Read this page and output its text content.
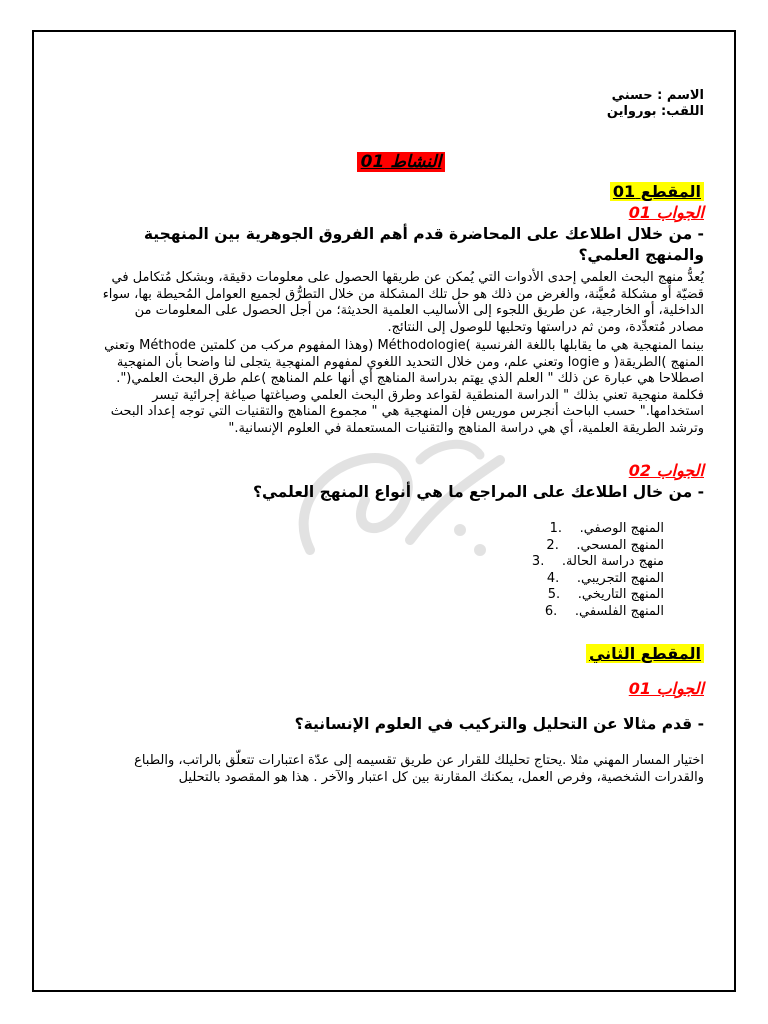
الاسم : حسني

اللقب: بورواين

النشاط 01
المقطع 01
الجواب 01

- من خلال اطلاعك على المحاضرة قدم أهم الفروق الجوهرية بين المنهجية والمنهج العلمي؟

يُعدُّ منهج البحث العلمي إحدى الأدوات التي يُمكن عن طريقها الحصول على معلومات دقيقة، وبشكل مُتكامل في قضيّة أو مشكلة مُعيَّنة، والغرض من ذلك هو حل تلك المشكلة من خلال التطرُّق لجميع العوامل المُحيطة بها، سواء الداخلية، أو الخارجية، عن طريق اللجوء إلى الأساليب العلمية الحديثة؛ من أجل الحصول على المعلومات من مصادر مُتعدِّدة، ومن ثم دراستها وتحليها للوصول إلى النتائج.

بينما المنهجية هي ما يقابلها باللغة الفرنسية )Méthodologie (وهذا المفهوم مركب من كلمتين Méthode وتعني المنهج )الطريقة( و logie وتعني علم، ومن خلال التحديد اللغوي لمفهوم المنهجية يتجلى لنا واضحا بأن المنهجية اصطلاحا هي عبارة عن ذلك " العلم الذي يهتم بدراسة المناهج أي أنها علم المناهج )علم طرق البحث العلمي(". فكلمة منهجية تعني بذلك " الدراسة المنطقية لقواعد وطرق البحث العلمي وصياغتها صياغة إجرائية تيسر استخدامها." حسب الباحث أنجرس موريس فإن المنهجية هي " مجموع المناهج والتقنيات التي توجه إعداد البحث وترشد الطريقة العلمية، أي هي دراسة المناهج والتقنيات المستعملة في العلوم الإنسانية."

الجواب 02

- من خال اطلاعك على المراجع ما هي أنواع المنهج العلمي؟

المنهج الوصفي.
1.
المنهج المسحي.
2.
منهج دراسة الحالة.
3.
المنهج التجريبي.
4.
المنهج التاريخي.
5.
المنهج الفلسفي.
6.
المقطع الثاني
الجواب 01

- قدم مثالا عن التحليل والتركيب في العلوم الإنسانية؟

اختيار المسار المهني مثلا .يحتاج تحليلك للقرار عن طريق تقسيمه إلى عدّة اعتبارات تتعلّق بالراتب، والطباع والقدرات الشخصية، وفرص العمل، يمكنك المقارنة بين كل اعتبار والآخر . هذا هو المقصود بالتحليل
